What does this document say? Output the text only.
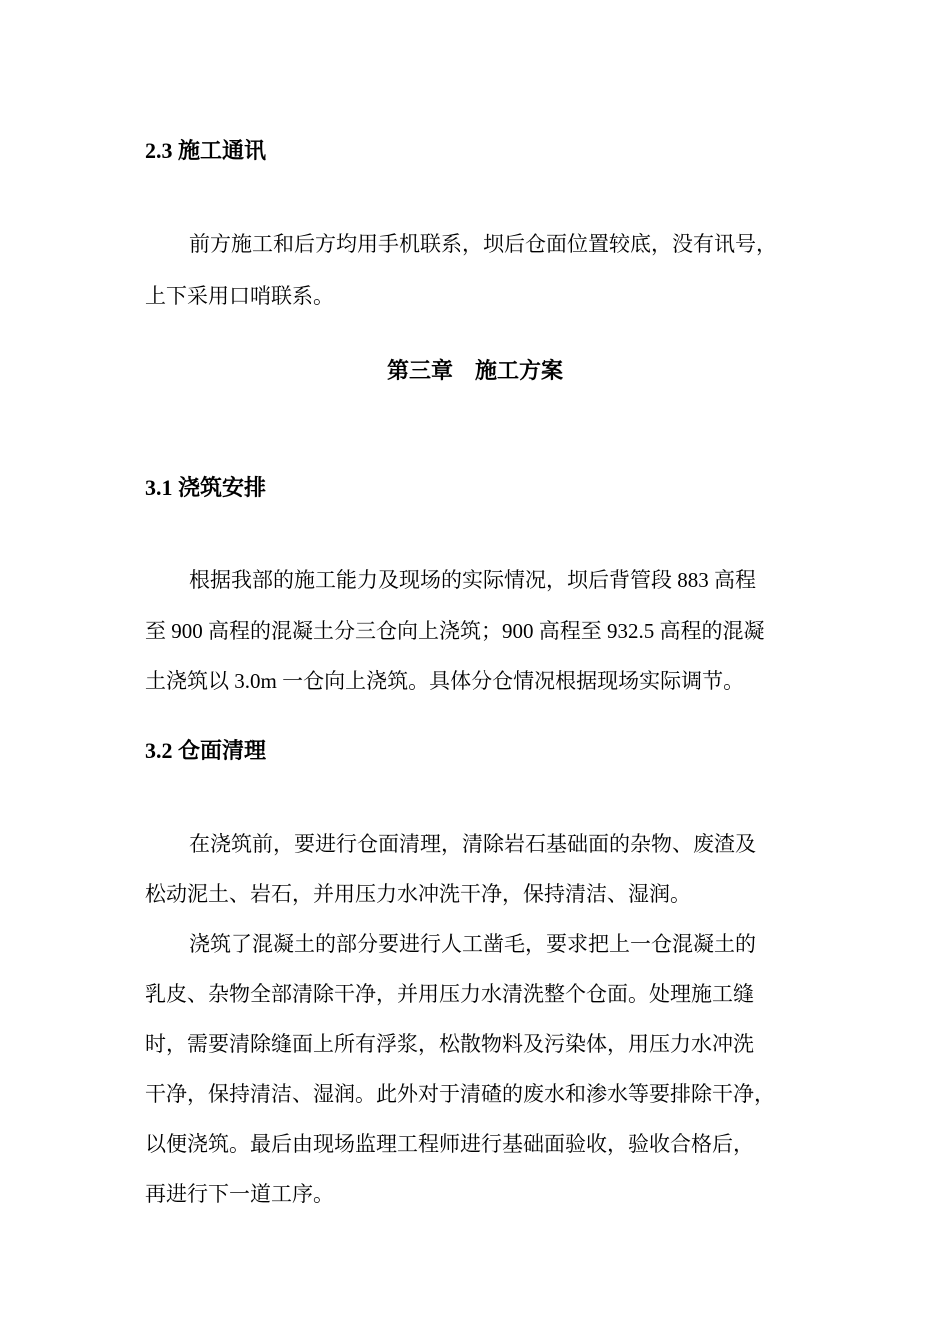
2.3 施工通讯
前方施工和后方均用手机联系，坝后仓面位置较底，没有讯号，
上下采用口哨联系。
第三章　施工方案
3.1 浇筑安排
根据我部的施工能力及现场的实际情况，坝后背管段 883 高程
至 900 高程的混凝土分三仓向上浇筑；900 高程至 932.5 高程的混凝
土浇筑以 3.0m 一仓向上浇筑。具体分仓情况根据现场实际调节。
3.2 仓面清理
在浇筑前，要进行仓面清理，清除岩石基础面的杂物、废渣及
松动泥土、岩石，并用压力水冲洗干净，保持清洁、湿润。
浇筑了混凝土的部分要进行人工凿毛，要求把上一仓混凝土的
乳皮、杂物全部清除干净，并用压力水清洗整个仓面。处理施工缝
时，需要清除缝面上所有浮浆，松散物料及污染体，用压力水冲洗
干净，保持清洁、湿润。此外对于清碴的废水和渗水等要排除干净，
以便浇筑。最后由现场监理工程师进行基础面验收，验收合格后，
再进行下一道工序。
